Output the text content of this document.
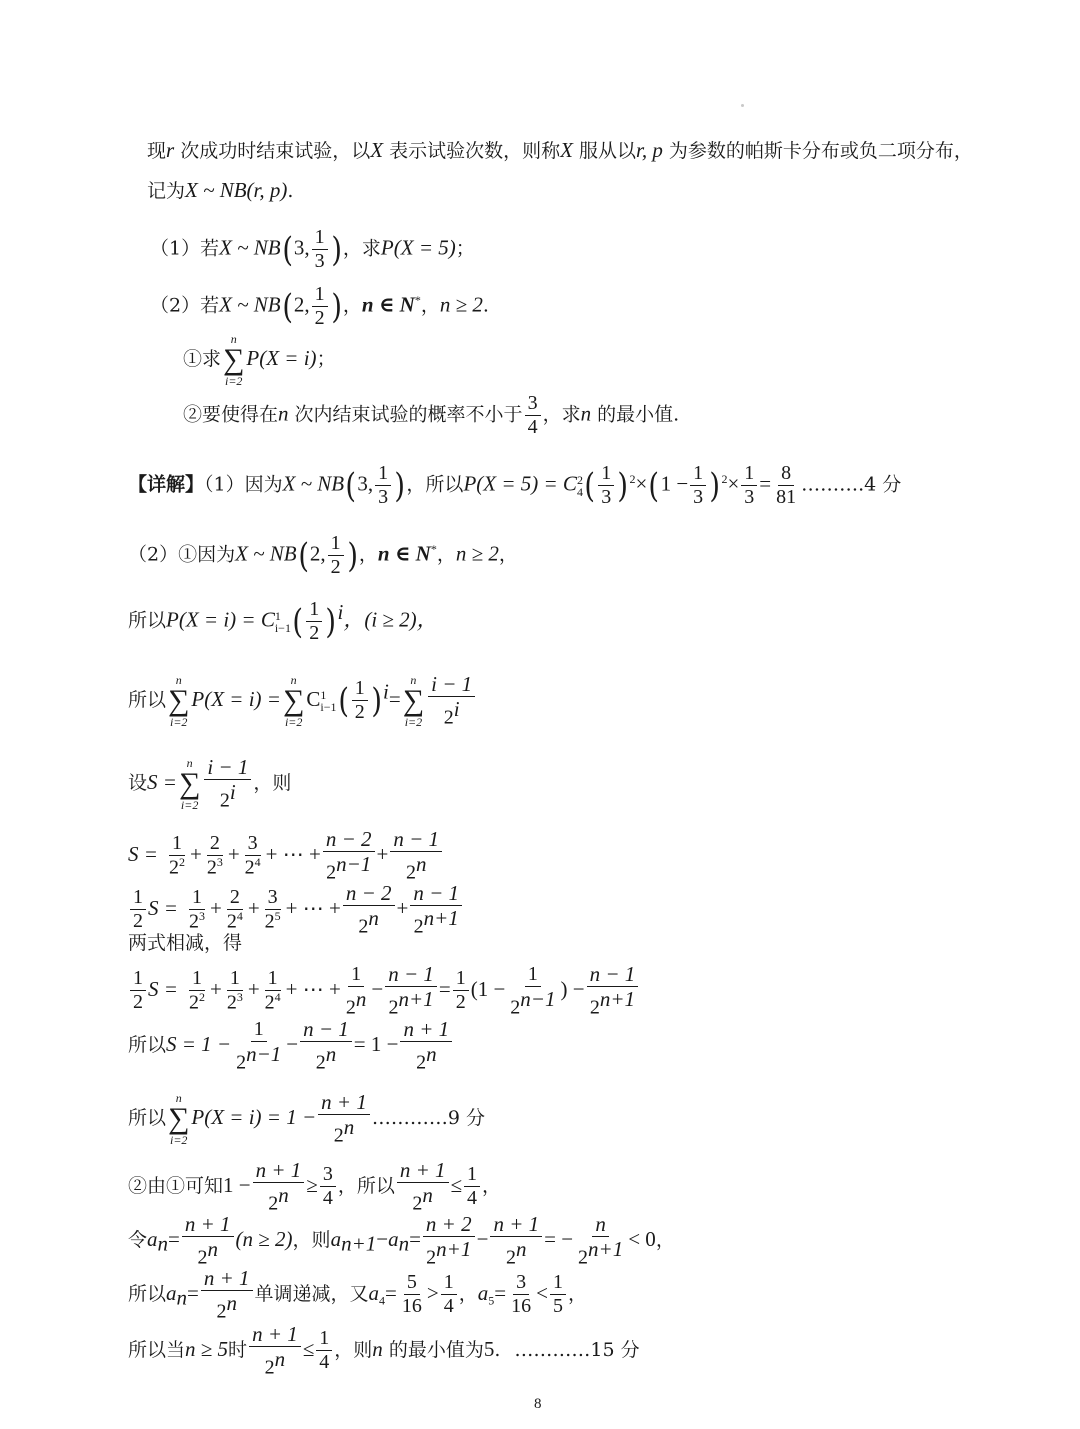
现r 次成功时结束试验，以X 表示试验次数，则称X 服从以r, p 为参数的帕斯卡分布或负二项分布，
记为X ~ NB(r, p).
（1）若X ~ NB(3, $\frac{1}{3}$ )，求P(X = 5)；
（2）若X ~ NB(2, $\frac{1}{2}$ )，n ∈ N*，n ≥ 2.
①求
n
∑
i=2
P(X = i)；
②要使得在n 次内结束试验的概率不小于 $\frac{3}{4}$ ，求n 的最小值.
【详解】（1）因为X ~ NB(3, $\frac{1}{3}$ )，所以P(X = 5) = C 2
4 ( $\frac{1}{3} )^2\times(1 - \frac{1}{3} )^2\times \frac{1}{3} = \frac{8}{81}$ ……….4 分
（2）①因为X ~ NB(2, $\frac{1}{2}$ )，n ∈ N*，n ≥ 2，
所以P(X = i) = C 1
i−1 ( $\frac{1}{2} )^i$，(i ≥ 2)，
所以
n
∑
i=2
P(X = i) =
n
∑
i=2
C 1
i−1 ( $\frac{1}{2} )^i=$
n
∑
$i=2 \frac{i - 1}{2^i}$
设S =
n
∑
$i=2 \frac{i - 1}{2^i}$ ，则
$S = \frac{1}{2^2} + \frac{2}{2^3} + \frac{3}{2^4}$ + ⋯ + $\frac{n - 2}{2^{n-1}} + \frac{n - 1}{2^n}$
$\frac{1}{2}$ $S = \frac{1}{2^3} + \frac{2}{2^4} + \frac{3}{2^5}$ + ⋯ + $\frac{n - 2}{2^n} + \frac{n - 1}{2^{n+1}}$
两式相减，得
$\frac{1}{2}$ $S = \frac{1}{2^2} + \frac{1}{2^3} + \frac{1}{2^4}$ + ⋯ + $\frac{1}{2^n} - \frac{n - 1}{2^{n+1}} = \frac{1}{2} (1 - \frac{1}{2^{n-1}}$ ) − $\frac{n - 1}{2^{n+1}}$
所以$S = 1 - \frac{1}{2^{n-1}} - \frac{n - 1}{2^n} = 1 - \frac{n + 1}{2^n}$
所以
n
∑
i=2
$P(X = i) = 1 - \frac{n + 1}{2^n}$ …………9 分
②由①可知$1 - \frac{n + 1}{2^n} \ge \frac{3}{4}$ ，所以 $\frac{n + 1}{2^n} \le \frac{1}{4}$ ，
令$a_n= \frac{n + 1}{2^n} (n \ge 2)$，则$a_{n+1}-a_n= \frac{n + 2}{2^{n+1}} - \frac{n + 1}{2^n}$ = − $\frac{n}{2^{n+1}} < 0$，
所以$a_n= \frac{n + 1}{2^n}$ 单调递减，又$a_4= \frac{5}{16} > \frac{1}{4}$ ，$a_5= \frac{3}{16} < \frac{1}{5}$ ，
所以当n ≥ 5时 $\frac{n + 1}{2^n} \le \frac{1}{4}$ ，则n 的最小值为5. …………15 分
8
